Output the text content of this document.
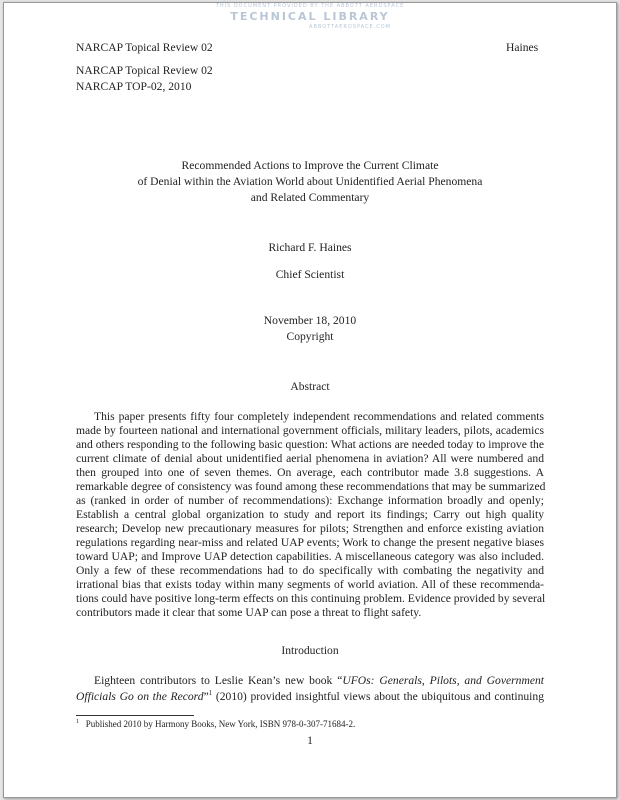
THIS DOCUMENT PROVIDED BY THE ABBOTT AEROSPACE
TECHNICAL LIBRARY
ABBOTTAEROSPACE.COM
NARCAP Topical Review 02	Haines
NARCAP Topical Review 02
NARCAP TOP-02, 2010
Recommended Actions to Improve the Current Climate
of Denial within the Aviation World about Unidentified Aerial Phenomena
and Related Commentary
Richard F. Haines
Chief Scientist
November 18, 2010
Copyright
Abstract
This paper presents fifty four completely independent recommendations and related comments
made by fourteen national and international government officials, military leaders, pilots, academics
and others responding to the following basic question: What actions are needed today to improve the
current climate of denial about unidentified aerial phenomena in aviation? All were numbered and
then grouped into one of seven themes. On average, each contributor made 3.8 suggestions. A
remarkable degree of consistency was found among these recommendations that may be summarized
as (ranked in order of number of recommendations): Exchange information broadly and openly;
Establish a central global organization to study and report its findings; Carry out high quality
research; Develop new precautionary measures for pilots; Strengthen and enforce existing aviation
regulations regarding near-miss and related UAP events; Work to change the present negative biases
toward UAP; and Improve UAP detection capabilities. A miscellaneous category was also included.
Only a few of these recommendations had to do specifically with combating the negativity and
irrational bias that exists today within many segments of world aviation. All of these recommenda-
tions could have positive long-term effects on this continuing problem. Evidence provided by several
contributors made it clear that some UAP can pose a threat to flight safety.
Introduction
Eighteen contributors to Leslie Kean’s new book “UFOs: Generals, Pilots, and Government
Officials Go on the Record”$^1$ (2010) provided insightful views about the ubiquitous and continuing
$^1$ Published 2010 by Harmony Books, New York, ISBN 978-0-307-71684-2.
1
